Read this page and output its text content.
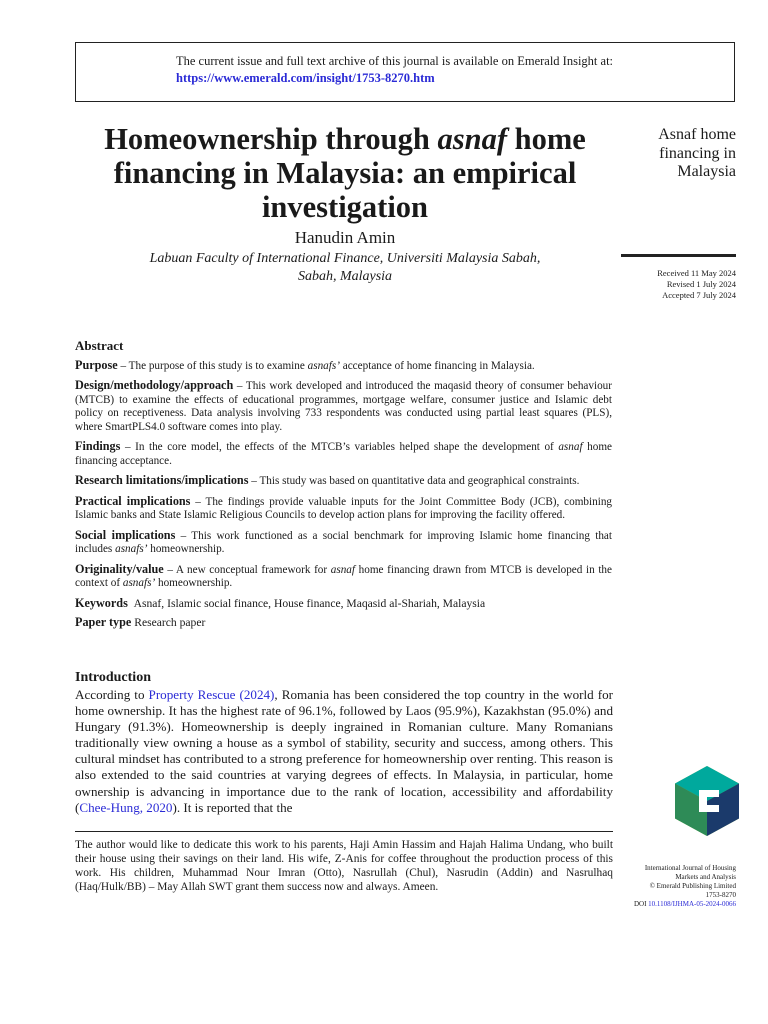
The current issue and full text archive of this journal is available on Emerald Insight at:
https://www.emerald.com/insight/1753-8270.htm
Homeownership through asnaf home financing in Malaysia: an empirical investigation
Hanudin Amin
Labuan Faculty of International Finance, Universiti Malaysia Sabah,
Sabah, Malaysia
Asnaf home
financing in
Malaysia
Received 11 May 2024
Revised 1 July 2024
Accepted 7 July 2024
Abstract

Purpose – The purpose of this study is to examine asnafs’ acceptance of home financing in Malaysia.

Design/methodology/approach – This work developed and introduced the maqasid theory of consumer behaviour (MTCB) to examine the effects of educational programmes, mortgage welfare, consumer justice and Islamic debt policy on receptiveness. Data analysis involving 733 respondents was conducted using partial least squares (PLS), where SmartPLS4.0 software comes into play.

Findings – In the core model, the effects of the MTCB’s variables helped shape the development of asnaf home financing acceptance.

Research limitations/implications – This study was based on quantitative data and geographical constraints.

Practical implications – The findings provide valuable inputs for the Joint Committee Body (JCB), combining Islamic banks and State Islamic Religious Councils to develop action plans for improving the facility offered.

Social implications – This work functioned as a social benchmark for improving Islamic home financing that includes asnafs’ homeownership.

Originality/value – A new conceptual framework for asnaf home financing drawn from MTCB is developed in the context of asnafs’ homeownership.

Keywords Asnaf, Islamic social finance, House finance, Maqasid al-Shariah, Malaysia
Paper type Research paper
Introduction
According to Property Rescue (2024), Romania has been considered the top country in the world for home ownership. It has the highest rate of 96.1%, followed by Laos (95.9%), Kazakhstan (95.0%) and Hungary (91.3%). Homeownership is deeply ingrained in Romanian culture. Many Romanians traditionally view owning a house as a symbol of stability, security and success, among others. This cultural mindset has contributed to a strong preference for homeownership over renting. This reason is also extended to the said countries at varying degrees of effects. In Malaysia, in particular, home ownership is advancing in importance due to the rank of location, accessibility and affordability (Chee-Hung, 2020). It is reported that the
The author would like to dedicate this work to his parents, Haji Amin Hassim and Hajah Halima Undang, who built their house using their savings on their land. His wife, Z-Anis for coffee throughout the production process of this work. His children, Muhammad Nour Imran (Otto), Nasrullah (Chul), Nasrudin (Addin) and Nasrulhaq (Haq/Hulk/BB) – May Allah SWT grant them success now and always. Ameen.
International Journal of Housing
Markets and Analysis
© Emerald Publishing Limited
1753-8270
DOI 10.1108/IJHMA-05-2024-0066
